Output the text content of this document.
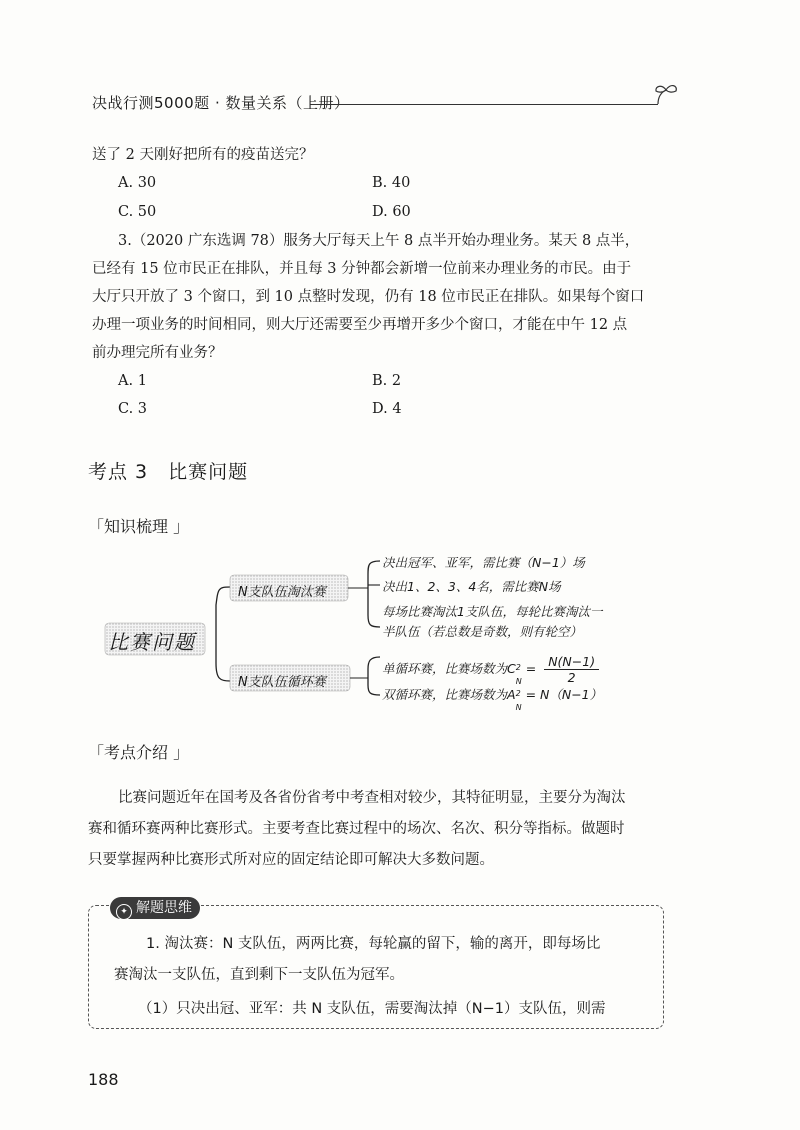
决战行测5000题 · 数量关系（上册）
送了 2 天刚好把所有的疫苗送完？
A. 30	B. 40
C. 50	D. 60
3.（2020 广东选调 78）服务大厅每天上午 8 点半开始办理业务。某天 8 点半，
已经有 15 位市民正在排队，并且每 3 分钟都会新增一位前来办理业务的市民。由于
大厅只开放了 3 个窗口，到 10 点整时发现，仍有 18 位市民正在排队。如果每个窗口
办理一项业务的时间相同，则大厅还需要至少再增开多少个窗口，才能在中午 12 点
前办理完所有业务？
A. 1	B. 2
C. 3	D. 4
考点 3　比赛问题
「知识梳理 」
比赛问题
N支队伍淘汰赛
N支队伍循环赛
决出冠军、亚军，需比赛（N−1）场
决出1、2、3、4名，需比赛N场
每场比赛淘汰1支队伍，每轮比赛淘汰一
半队伍（若总数是奇数，则有轮空）
单循环赛，比赛场数为C 2
N
= $\frac{N(N-1)}{2}$
双循环赛，比赛场数为A 2
N
= N（N−1）
「考点介绍 」
比赛问题近年在国考及各省份省考中考查相对较少，其特征明显，主要分为淘汰
赛和循环赛两种比赛形式。主要考查比赛过程中的场次、名次、积分等指标。做题时
只要掌握两种比赛形式所对应的固定结论即可解决大多数问题。
✦ 解题思维
1. 淘汰赛：N 支队伍，两两比赛，每轮赢的留下，输的离开，即每场比
赛淘汰一支队伍，直到剩下一支队伍为冠军。
（1）只决出冠、亚军：共 N 支队伍，需要淘汰掉（N−1）支队伍，则需
188
